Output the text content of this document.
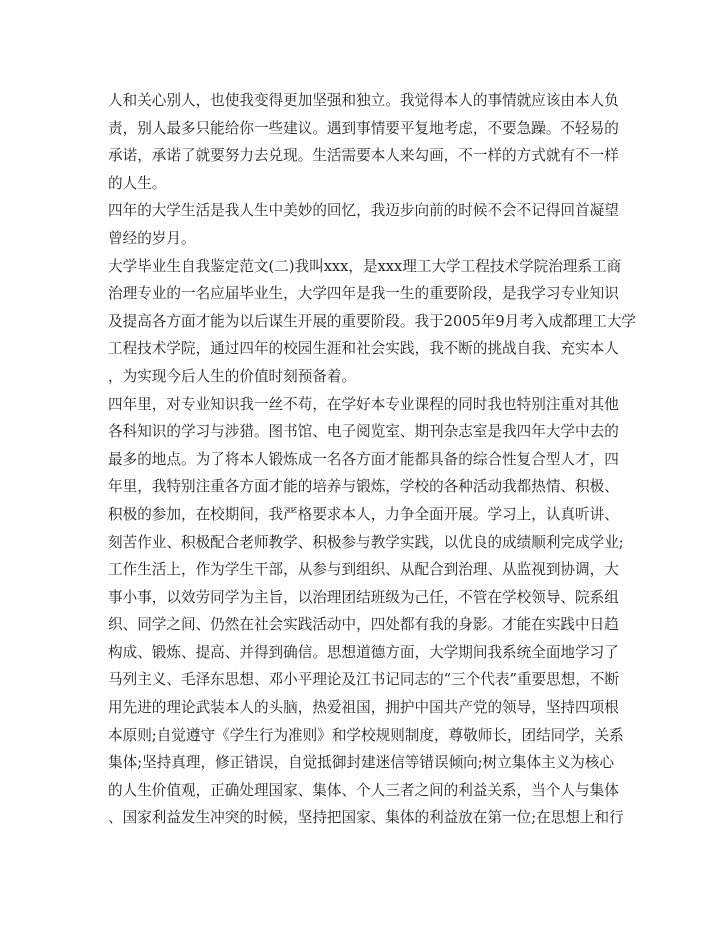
人和关心别人，也使我变得更加坚强和独立。我觉得本人的事情就应该由本人负
责，别人最多只能给你一些建议。遇到事情要平复地考虑，不要急躁。不轻易的
承诺，承诺了就要努力去兑现。生活需要本人来勾画，不一样的方式就有不一样
的人生。
四年的大学生活是我人生中美妙的回忆，我迈步向前的时候不会不记得回首凝望
曾经的岁月。
大学毕业生自我鉴定范文(二)我叫xxx，是xxx理工大学工程技术学院治理系工商
治理专业的一名应届毕业生，大学四年是我一生的重要阶段，是我学习专业知识
及提高各方面才能为以后谋生开展的重要阶段。我于2005年9月考入成都理工大学
工程技术学院，通过四年的校园生涯和社会实践，我不断的挑战自我、充实本人
，为实现今后人生的价值时刻预备着。
四年里，对专业知识我一丝不苟，在学好本专业课程的同时我也特别注重对其他
各科知识的学习与涉猎。图书馆、电子阅览室、期刊杂志室是我四年大学中去的
最多的地点。为了将本人锻炼成一名各方面才能都具备的综合性复合型人才，四
年里，我特别注重各方面才能的培养与锻炼，学校的各种活动我都热情、积极、
积极的参加，在校期间，我严格要求本人，力争全面开展。学习上，认真听讲、
刻苦作业、积极配合老师教学、积极参与教学实践，以优良的成绩顺利完成学业;
工作生活上，作为学生干部，从参与到组织、从配合到治理、从监视到协调，大
事小事，以效劳同学为主旨，以治理团结班级为己任，不管在学校领导、院系组
织、同学之间、仍然在社会实践活动中，四处都有我的身影。才能在实践中日趋
构成、锻炼、提高、并得到确信。思想道德方面，大学期间我系统全面地学习了
马列主义、毛泽东思想、邓小平理论及江书记同志的“三个代表”重要思想，不断
用先进的理论武装本人的头脑，热爱祖国，拥护中国共产党的领导，坚持四项根
本原则;自觉遵守《学生行为准则》和学校规则制度，尊敬师长，团结同学，关系
集体;坚持真理，修正错误，自觉抵御封建迷信等错误倾向;树立集体主义为核心
的人生价值观，正确处理国家、集体、个人三者之间的利益关系，当个人与集体
、国家利益发生冲突的时候，坚持把国家、集体的利益放在第一位;在思想上和行
